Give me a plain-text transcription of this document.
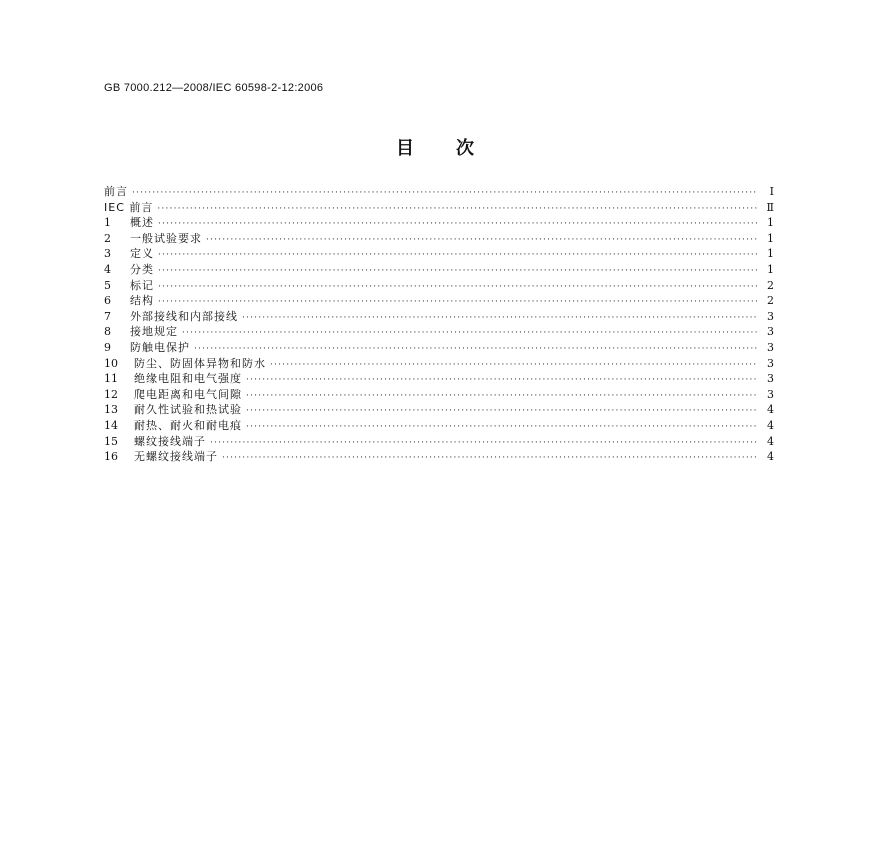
GB 7000.212—2008/IEC 60598-2-12:2006
目 次
前言 ·····	Ⅰ
IEC 前言 ·····	Ⅱ
1	概述 ·····	1
2	一般试验要求 ·····	1
3	定义 ·····	1
4	分类 ·····	1
5	标记 ·····	2
6	结构 ·····	2
7	外部接线和内部接线 ·····	3
8	接地规定 ·····	3
9	防触电保护 ·····	3
10	防尘、防固体异物和防水 ·····	3
11	绝缘电阻和电气强度 ·····	3
12	爬电距离和电气间隙 ·····	3
13	耐久性试验和热试验 ·····	4
14	耐热、耐火和耐电痕 ·····	4
15	螺纹接线端子 ·····	4
16	无螺纹接线端子 ·····	4
